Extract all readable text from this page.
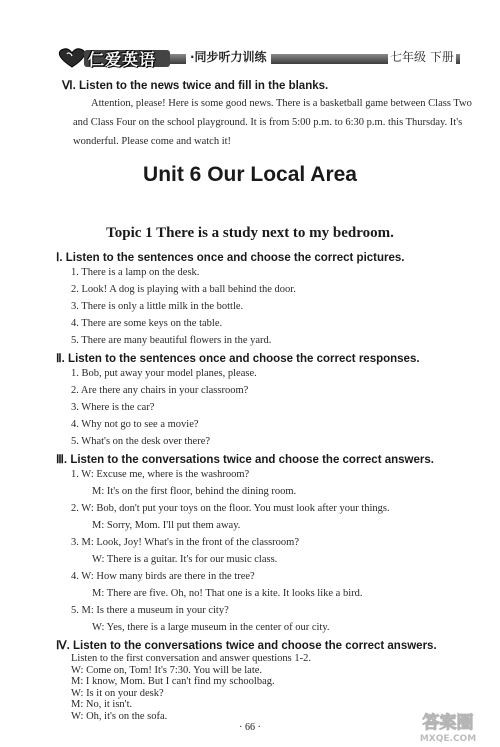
仁爱英语	·同步听力训练	七年级 下册
Ⅵ. Listen to the news twice and fill in the blanks.
Attention, please! Here is some good news. There is a basketball game between Class Two
and Class Four on the school playground. It is from 5:00 p.m. to 6:30 p.m. this Thursday. It's
wonderful. Please come and watch it!
Unit 6 Our Local Area
Topic 1 There is a study next to my bedroom.
Ⅰ. Listen to the sentences once and choose the correct pictures.
1. There is a lamp on the desk.
2. Look! A dog is playing with a ball behind the door.
3. There is only a little milk in the bottle.
4. There are some keys on the table.
5. There are many beautiful flowers in the yard.
Ⅱ. Listen to the sentences once and choose the correct responses.
1. Bob, put away your model planes, please.
2. Are there any chairs in your classroom?
3. Where is the car?
4. Why not go to see a movie?
5. What's on the desk over there?
Ⅲ. Listen to the conversations twice and choose the correct answers.
1. W: Excuse me, where is the washroom?
M: It's on the first floor, behind the dining room.
2. W: Bob, don't put your toys on the floor. You must look after your things.
M: Sorry, Mom. I'll put them away.
3. M: Look, Joy! What's in the front of the classroom?
W: There is a guitar. It's for our music class.
4. W: How many birds are there in the tree?
M: There are five. Oh, no! That one is a kite. It looks like a bird.
5. M: Is there a museum in your city?
W: Yes, there is a large museum in the center of our city.
Ⅳ. Listen to the conversations twice and choose the correct answers.
Listen to the first conversation and answer questions 1-2.
W: Come on, Tom! It's 7:30. You will be late.
M: I know, Mom. But I can't find my schoolbag.
W: Is it on your desk?
M: No, it isn't.
· 66 ·	答案圈
MXQE.COM
W: Oh, it's on the sofa.
